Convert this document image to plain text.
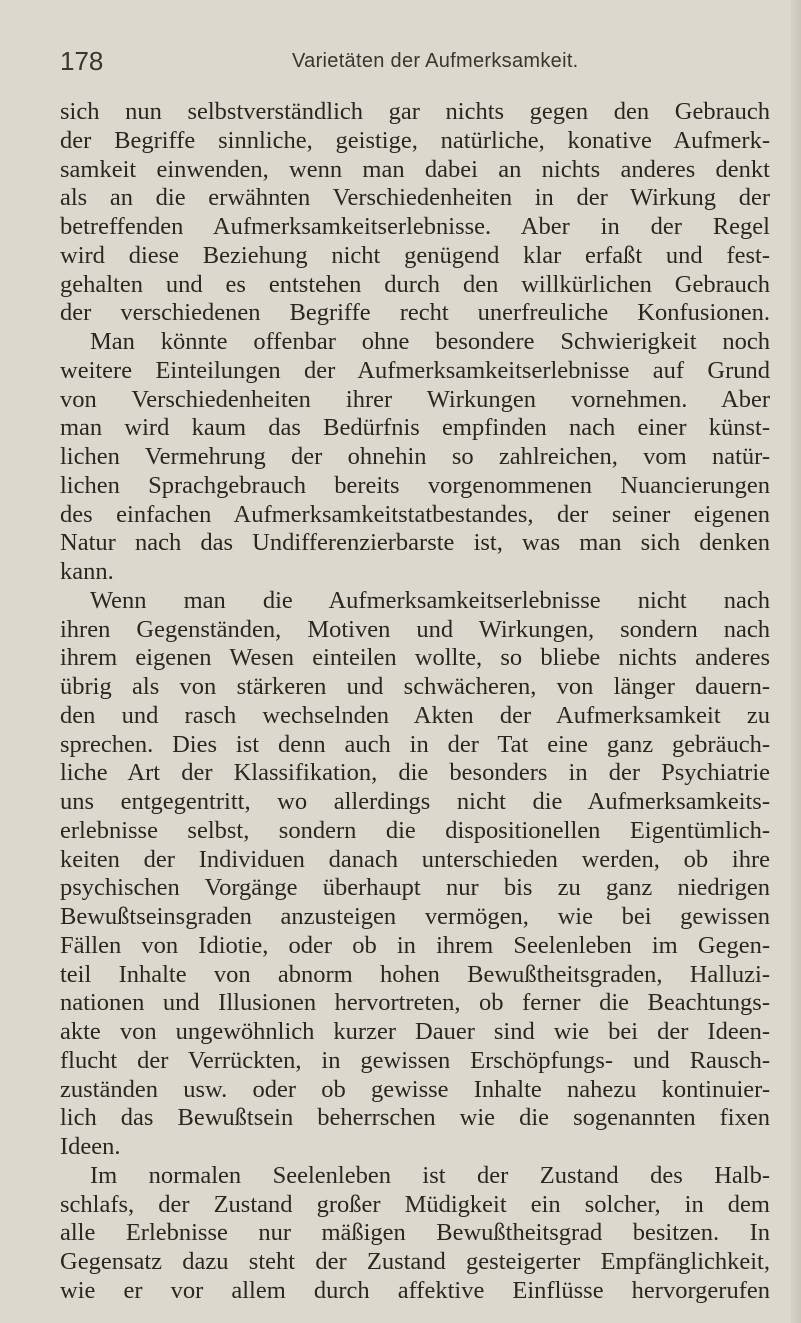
178	Varietäten der Aufmerksamkeit.
sich nun selbstverständlich gar nichts gegen den Gebrauch
der Begriffe sinnliche, geistige, natürliche, konative Aufmerk-
samkeit einwenden, wenn man dabei an nichts anderes denkt
als an die erwähnten Verschiedenheiten in der Wirkung der
betreffenden Aufmerksamkeitserlebnisse. Aber in der Regel
wird diese Beziehung nicht genügend klar erfaßt und fest-
gehalten und es entstehen durch den willkürlichen Gebrauch
der verschiedenen Begriffe recht unerfreuliche Konfusionen.
Man könnte offenbar ohne besondere Schwierigkeit noch
weitere Einteilungen der Aufmerksamkeitserlebnisse auf Grund
von Verschiedenheiten ihrer Wirkungen vornehmen. Aber
man wird kaum das Bedürfnis empfinden nach einer künst-
lichen Vermehrung der ohnehin so zahlreichen, vom natür-
lichen Sprachgebrauch bereits vorgenommenen Nuancierungen
des einfachen Aufmerksamkeitstatbestandes, der seiner eigenen
Natur nach das Undifferenzierbarste ist, was man sich denken
kann.
Wenn man die Aufmerksamkeitserlebnisse nicht nach
ihren Gegenständen, Motiven und Wirkungen, sondern nach
ihrem eigenen Wesen einteilen wollte, so bliebe nichts anderes
übrig als von stärkeren und schwächeren, von länger dauern-
den und rasch wechselnden Akten der Aufmerksamkeit zu
sprechen. Dies ist denn auch in der Tat eine ganz gebräuch-
liche Art der Klassifikation, die besonders in der Psychiatrie
uns entgegentritt, wo allerdings nicht die Aufmerksamkeits-
erlebnisse selbst, sondern die dispositionellen Eigentümlich-
keiten der Individuen danach unterschieden werden, ob ihre
psychischen Vorgänge überhaupt nur bis zu ganz niedrigen
Bewußtseinsgraden anzusteigen vermögen, wie bei gewissen
Fällen von Idiotie, oder ob in ihrem Seelenleben im Gegen-
teil Inhalte von abnorm hohen Bewußtheitsgraden, Halluzi-
nationen und Illusionen hervortreten, ob ferner die Beachtungs-
akte von ungewöhnlich kurzer Dauer sind wie bei der Ideen-
flucht der Verrückten, in gewissen Erschöpfungs- und Rausch-
zuständen usw. oder ob gewisse Inhalte nahezu kontinuier-
lich das Bewußtsein beherrschen wie die sogenannten fixen
Ideen.
Im normalen Seelenleben ist der Zustand des Halb-
schlafs, der Zustand großer Müdigkeit ein solcher, in dem
alle Erlebnisse nur mäßigen Bewußtheitsgrad besitzen. In
Gegensatz dazu steht der Zustand gesteigerter Empfänglichkeit,
wie er vor allem durch affektive Einflüsse hervorgerufen
